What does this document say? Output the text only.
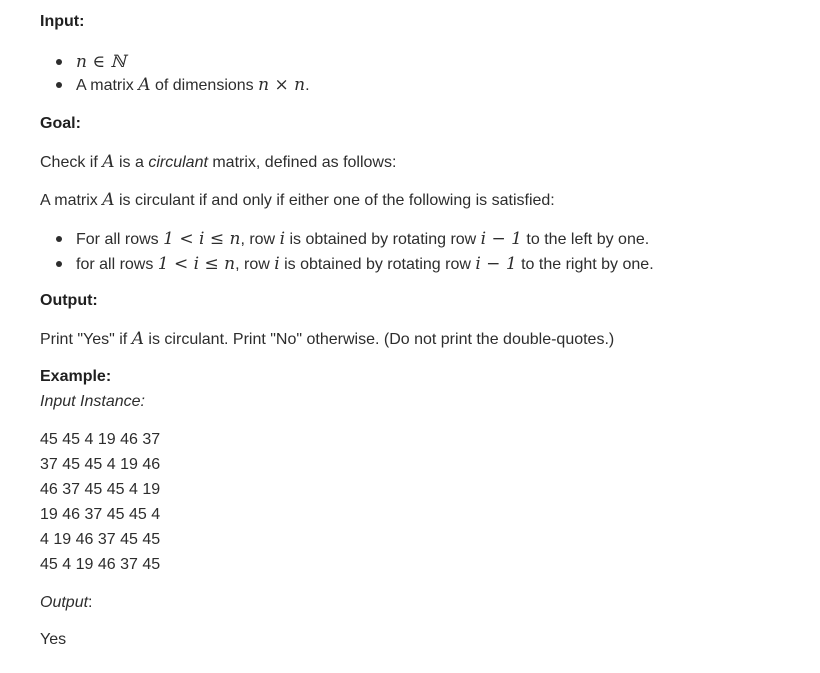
Input:
n ∈ ℕ
A matrix A of dimensions n × n.
Goal:
Check if A is a circulant matrix, defined as follows:
A matrix A is circulant if and only if either one of the following is satisfied:
For all rows 1 < i ≤ n, row i is obtained by rotating row i − 1 to the left by one.
for all rows 1 < i ≤ n, row i is obtained by rotating row i − 1 to the right by one.
Output:
Print "Yes" if A is circulant. Print "No" otherwise. (Do not print the double-quotes.)
Example:
Input Instance:
45 45 4 19 46 37
37 45 45 4 19 46
46 37 45 45 4 19
19 46 37 45 45 4
4 19 46 37 45 45
45 4 19 46 37 45
Output:
Yes
